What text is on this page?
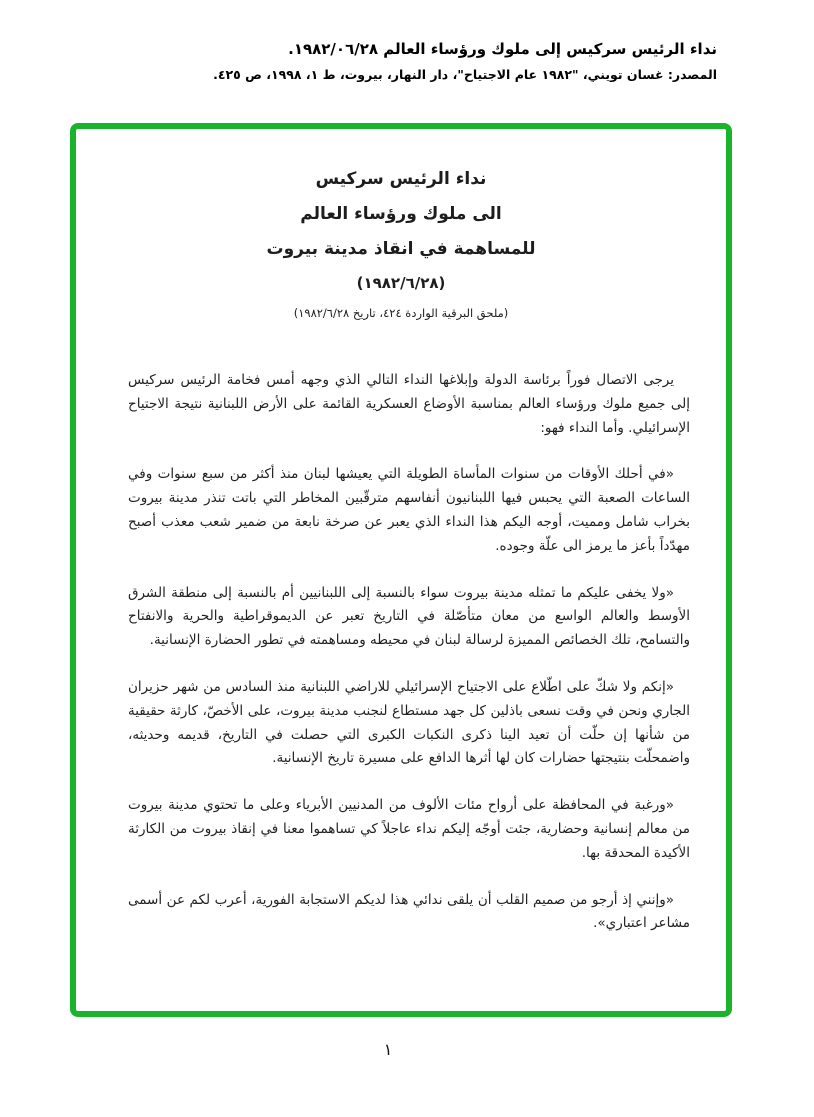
نداء الرئيس سركيس إلى ملوك ورؤساء العالم ١٩٨٢/٠٦/٢٨.
المصدر: غسان تويني، "١٩٨٢ عام الاجتياح"، دار النهار، بيروت، ط ١، ١٩٩٨، ص ٤٢٥.
نداء الرئيس سركيس
الى ملوك ورؤساء العالم
للمساهمة في انقاذ مدينة بيروت
(١٩٨٢/٦/٢٨)
(ملحق البرقية الواردة ٤٢٤، تاريخ ١٩٨٢/٦/٢٨)

يرجى الاتصال فوراً برئاسة الدولة وإبلاغها النداء التالي الذي وجهه أمس فخامة الرئيس سركيس إلى جميع ملوك ورؤساء العالم بمناسبة الأوضاع العسكرية القائمة على الأرض اللبنانية نتيجة الاجتياح الإسرائيلي. وأما النداء فهو:

«في أحلك الأوقات من سنوات المأساة الطويلة التي يعيشها لبنان منذ أكثر من سبع سنوات وفي الساعات الصعبة التي يحبس فيها اللبنانيون أنفاسهم مترقّبين المخاطر التي باتت تنذر مدينة بيروت بخراب شامل ومميت، أوجه اليكم هذا النداء الذي يعبر عن صرخة نابعة من ضمير شعب معذب أصبح مهدّداً بأعز ما يرمز الى علّة وجوده.

«ولا يخفى عليكم ما تمثله مدينة بيروت سواء بالنسبة إلى اللبنانيين أم بالنسبة إلى منطقة الشرق الأوسط والعالم الواسع من معان متأصّلة في التاريخ تعبر عن الديموقراطية والحرية والانفتاح والتسامح، تلك الخصائص المميزة لرسالة لبنان في محيطه ومساهمته في تطور الحضارة الإنسانية.

«إنكم ولا شكّ على اطّلاع على الاجتياح الإسرائيلي للاراضي اللبنانية منذ السادس من شهر حزيران الجاري ونحن في وقت نسعى باذلين كل جهد مستطاع لنجنب مدينة بيروت، على الأخصّ، كارثة حقيقية من شأنها إن حلّت أن تعيد الينا ذكرى النكبات الكبرى التي حصلت في التاريخ، قديمه وحديثه، واضمحلّت بنتيجتها حضارات كان لها أثرها الدافع على مسيرة تاريخ الإنسانية.

«ورغبة في المحافظة على أرواح مئات الألوف من المدنيين الأبرياء وعلى ما تحتوي مدينة بيروت من معالم إنسانية وحضارية، جئت أوجّه إليكم نداء عاجلاً كي تساهموا معنا في إنقاذ بيروت من الكارثة الأكيدة المحدقة بها.

«وإنني إذ أرجو من صميم القلب أن يلقى ندائي هذا لديكم الاستجابة الفورية، أعرب لكم عن أسمى مشاعر اعتباري».

١
